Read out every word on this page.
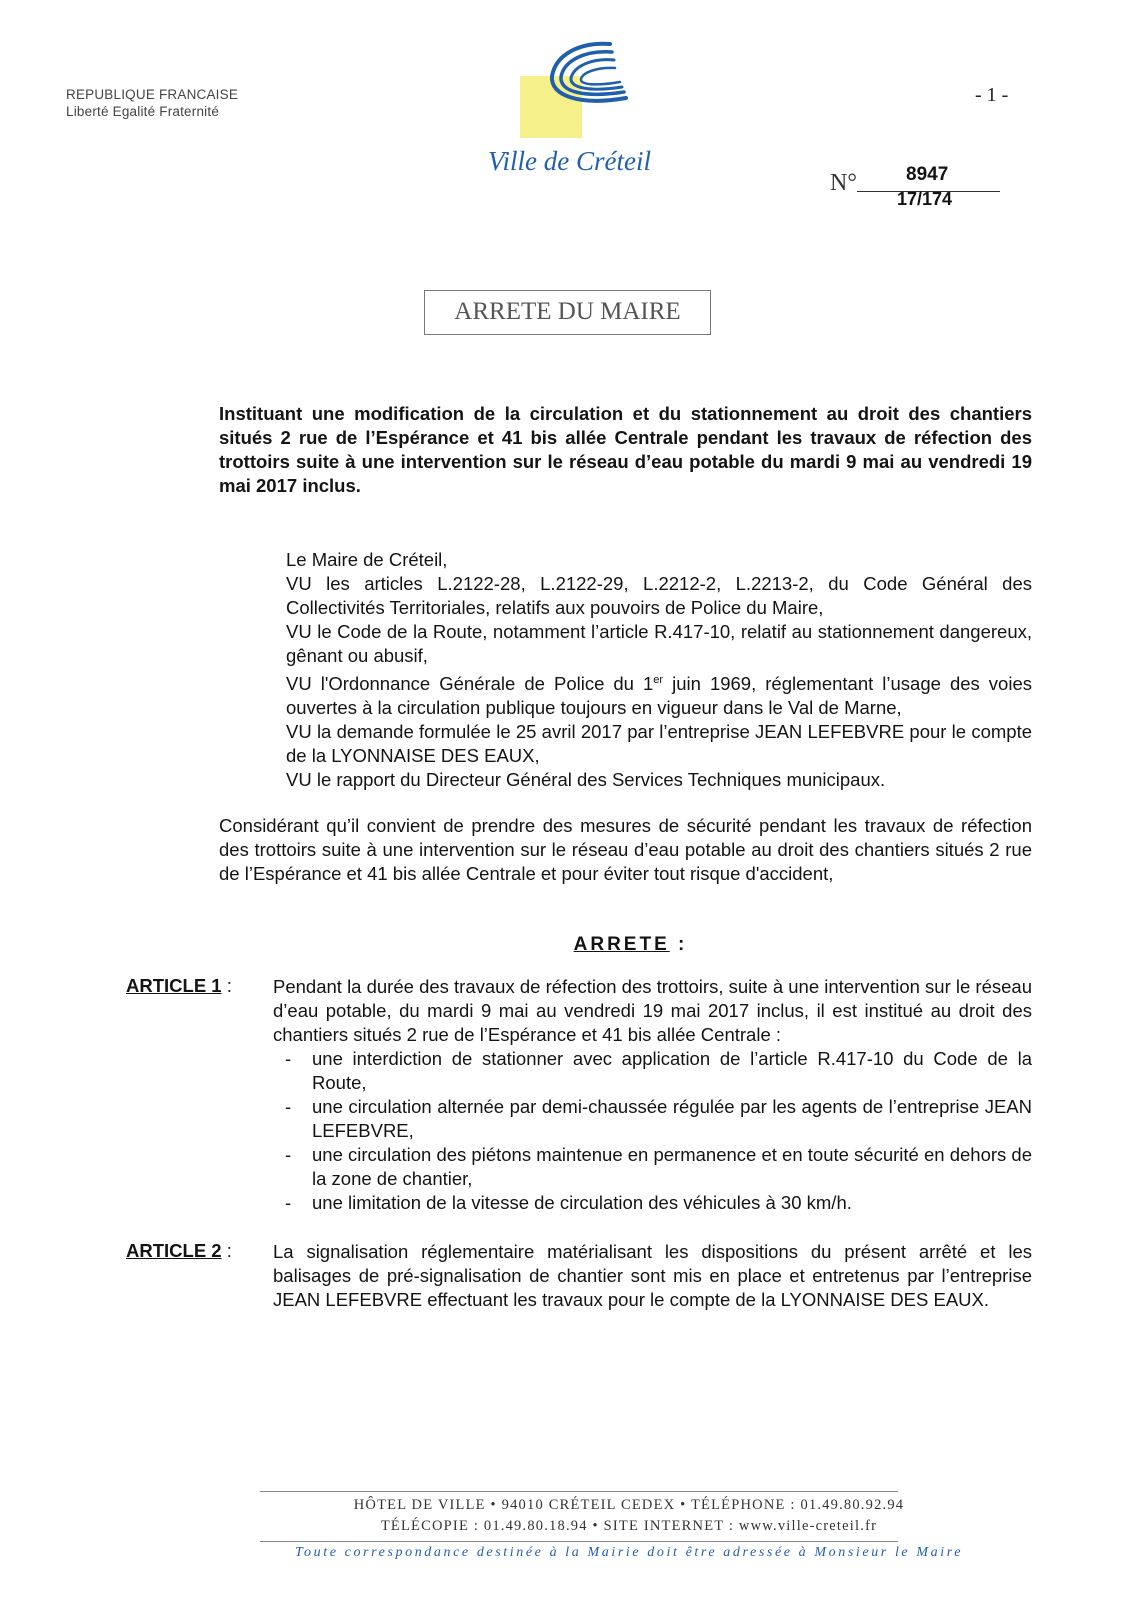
REPUBLIQUE FRANCAISE
Liberté Egalité Fraternité
Ville de Créteil
- 1 -
N°	8947
17/174
ARRETE DU MAIRE
Instituant une modification de la circulation et du stationnement au droit des chantiers situés 2 rue de l’Espérance et 41 bis allée Centrale pendant les travaux de réfection des trottoirs suite à une intervention sur le réseau d’eau potable du mardi 9 mai au vendredi 19 mai 2017 inclus.

Le Maire de Créteil,

VU les articles L.2122-28, L.2122-29, L.2212-2, L.2213-2, du Code Général des Collectivités Territoriales, relatifs aux pouvoirs de Police du Maire,

VU le Code de la Route, notamment l’article R.417-10, relatif au stationnement dangereux, gênant ou abusif,

VU l'Ordonnance Générale de Police du 1er juin 1969, réglementant l’usage des voies ouvertes à la circulation publique toujours en vigueur dans le Val de Marne,

VU la demande formulée le 25 avril 2017 par l’entreprise JEAN LEFEBVRE pour le compte de la LYONNAISE DES EAUX,

VU le rapport du Directeur Général des Services Techniques municipaux.

Considérant qu’il convient de prendre des mesures de sécurité pendant les travaux de réfection des trottoirs suite à une intervention sur le réseau d’eau potable au droit des chantiers situés 2 rue de l’Espérance et 41 bis allée Centrale et pour éviter tout risque d'accident,
ARRETE :
ARTICLE 1 : Pendant la durée des travaux de réfection des trottoirs, suite à une intervention sur le réseau d’eau potable, du mardi 9 mai au vendredi 19 mai 2017 inclus, il est institué au droit des chantiers situés 2 rue de l’Espérance et 41 bis allée Centrale :

- une interdiction de stationner avec application de l’article R.417-10 du Code de la Route,
- une circulation alternée par demi-chaussée régulée par les agents de l’entreprise JEAN LEFEBVRE,
- une circulation des piétons maintenue en permanence et en toute sécurité en dehors de la zone de chantier,
- une limitation de la vitesse de circulation des véhicules à 30 km/h.
ARTICLE 2 : La signalisation réglementaire matérialisant les dispositions du présent arrêté et les balisages de pré-signalisation de chantier sont mis en place et entretenus par l’entreprise JEAN LEFEBVRE effectuant les travaux pour le compte de la LYONNAISE DES EAUX.
HÔTEL DE VILLE • 94010 CRÉTEIL CEDEX • TÉLÉPHONE : 01.49.80.92.94
TÉLÉCOPIE : 01.49.80.18.94 • SITE INTERNET : www.ville-creteil.fr
Toute correspondance destinée à la Mairie doit être adressée à Monsieur le Maire
